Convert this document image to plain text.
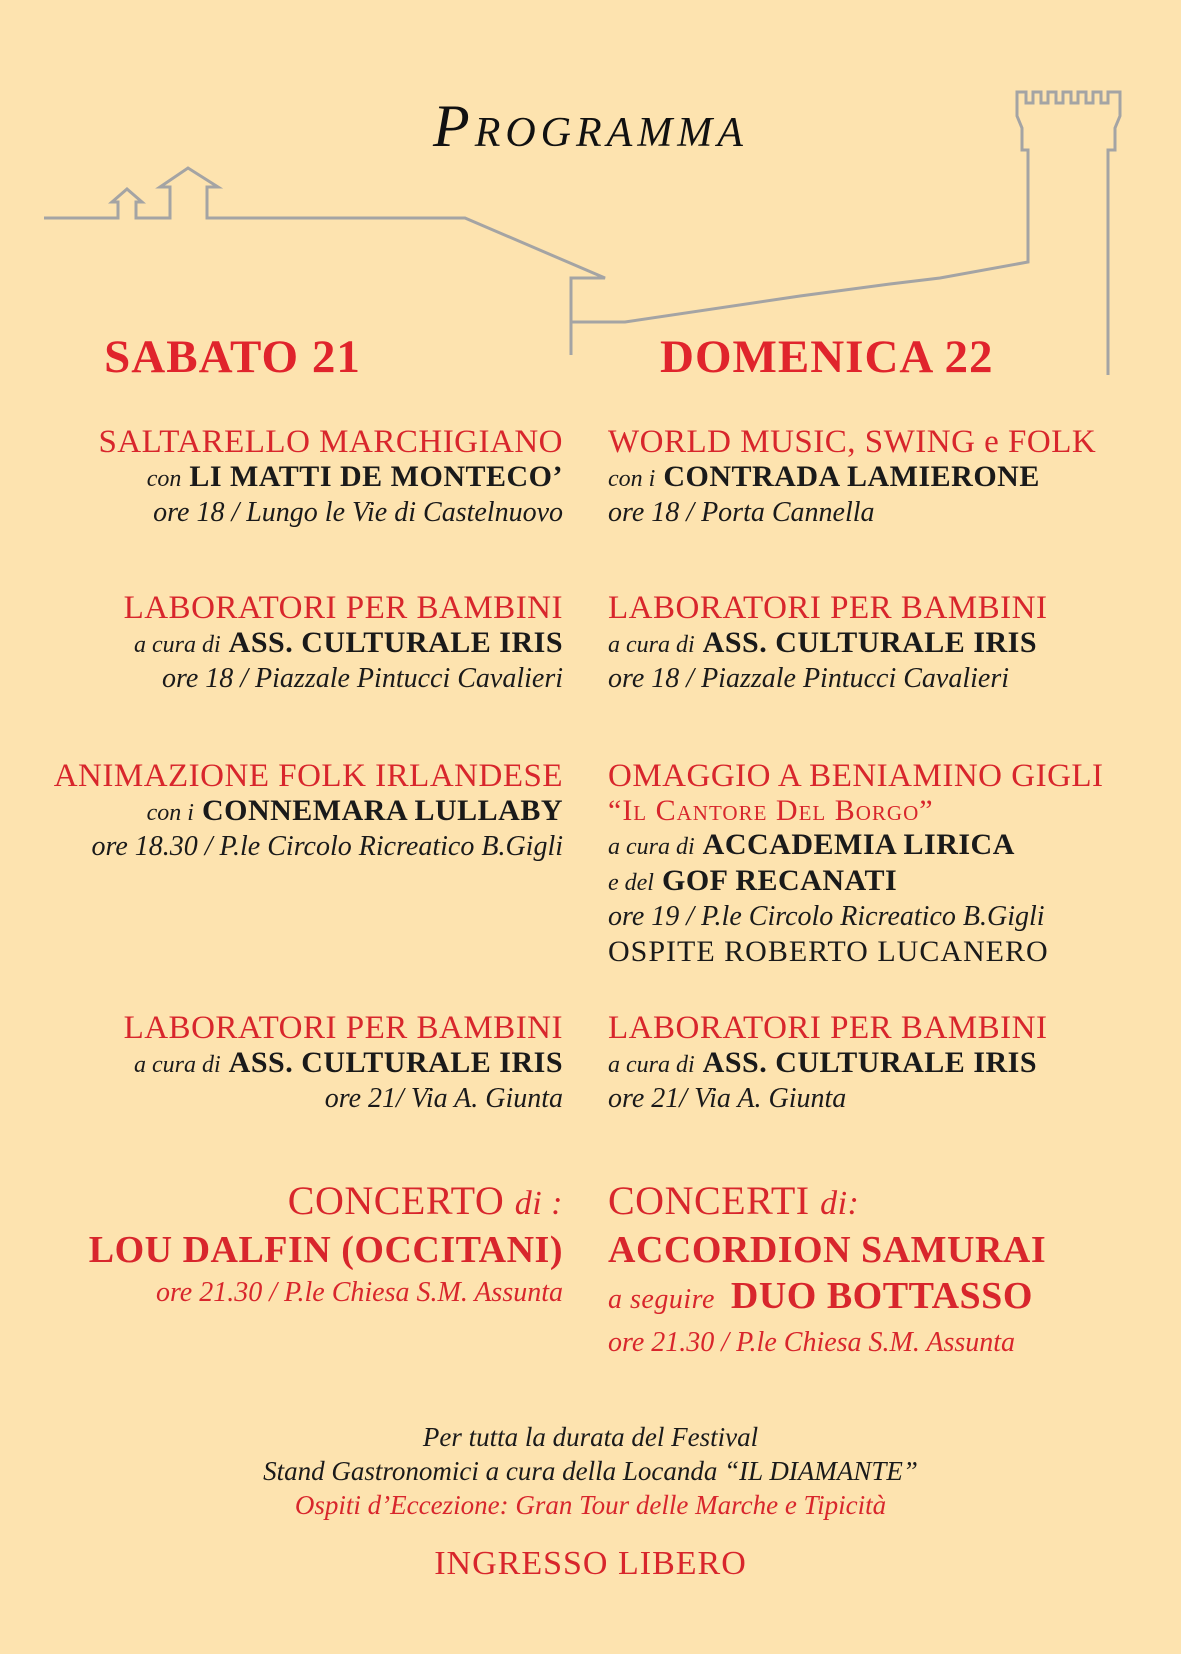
Programma
SABATO 21	DOMENICA 22
SALTARELLO MARCHIGIANO
con LI MATTI DE MONTECO’
ore 18 / Lungo le Vie di Castelnuovo
LABORATORI PER BAMBINI
a cura di ASS. CULTURALE IRIS
ore 18 / Piazzale Pintucci Cavalieri
ANIMAZIONE FOLK IRLANDESE
con i CONNEMARA LULLABY
ore 18.30 / P.le Circolo Ricreatico B.Gigli
LABORATORI PER BAMBINI
a cura di ASS. CULTURALE IRIS
ore 21/ Via A. Giunta
CONCERTO di :
LOU DALFIN (OCCITANI)
ore 21.30 / P.le Chiesa S.M. Assunta
WORLD MUSIC, SWING e FOLK
con i CONTRADA LAMIERONE
ore 18 / Porta Cannella
LABORATORI PER BAMBINI
a cura di ASS. CULTURALE IRIS
ore 18 / Piazzale Pintucci Cavalieri
OMAGGIO A BENIAMINO GIGLI
“Il Cantore Del Borgo”
a cura di ACCADEMIA LIRICA
e del GOF RECANATI
ore 19 / P.le Circolo Ricreatico B.Gigli
OSPITE ROBERTO LUCANERO
LABORATORI PER BAMBINI
a cura di ASS. CULTURALE IRIS
ore 21/ Via A. Giunta
CONCERTI di:
ACCORDION SAMURAI
a seguire DUO BOTTASSO
ore 21.30 / P.le Chiesa S.M. Assunta
Per tutta la durata del Festival
Stand Gastronomici a cura della Locanda “IL DIAMANTE”
Ospiti d’Eccezione: Gran Tour delle Marche e Tipicità
INGRESSO LIBERO
